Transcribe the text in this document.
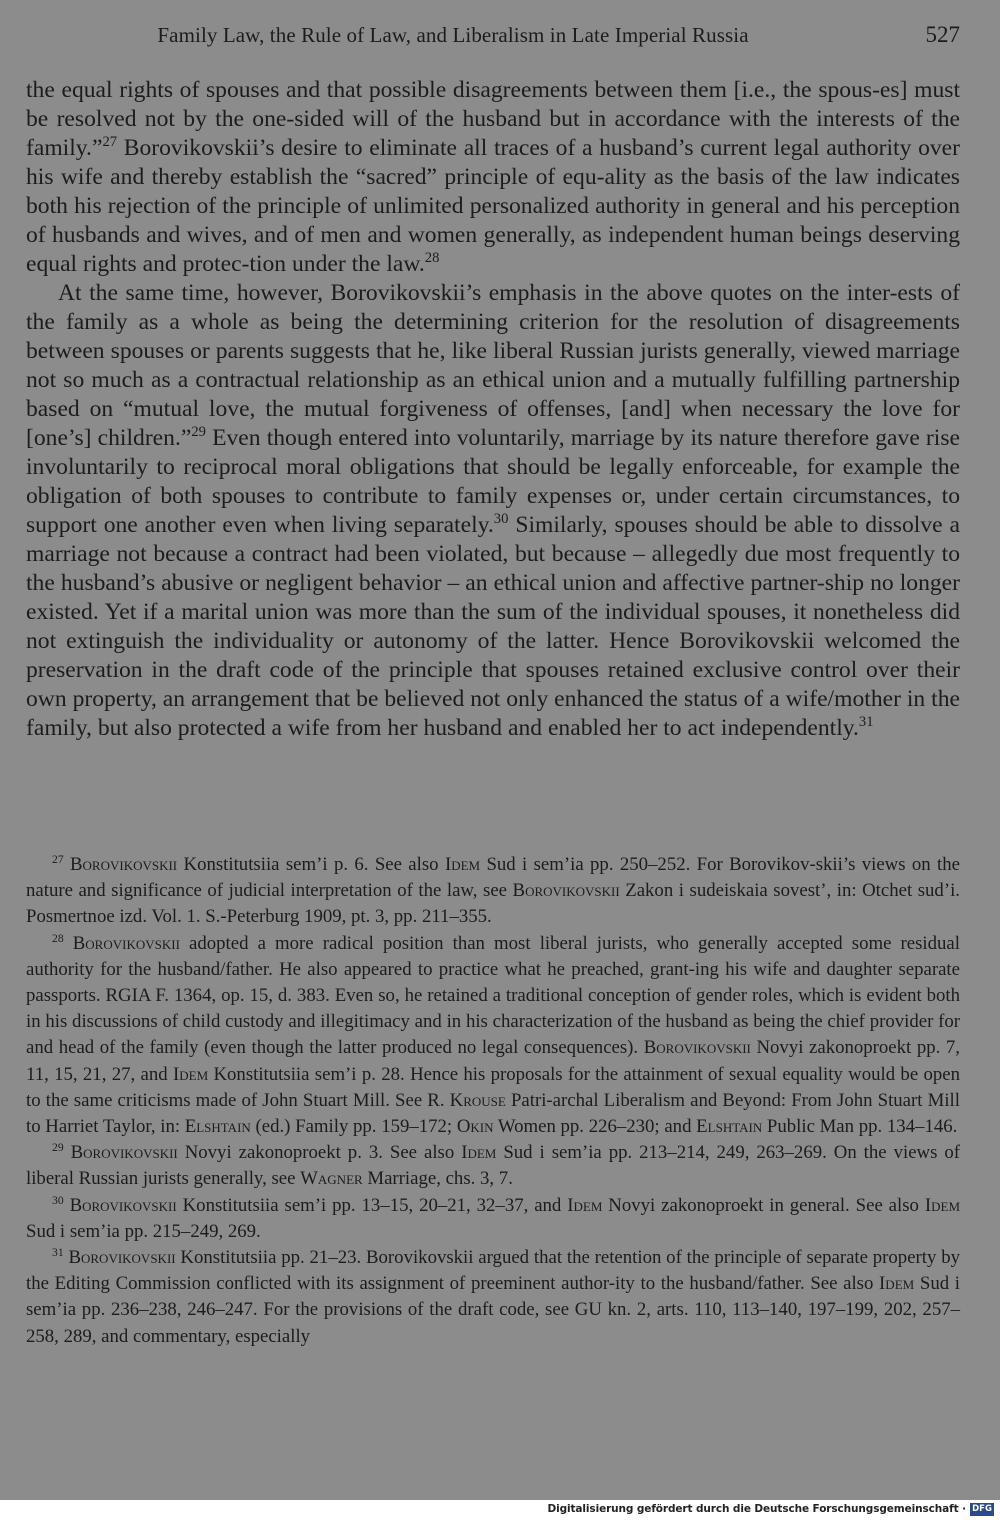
Family Law, the Rule of Law, and Liberalism in Late Imperial Russia	527

the equal rights of spouses and that possible disagreements between them [i.e., the spous-es] must be resolved not by the one-sided will of the husband but in accordance with the interests of the family.”$^{27}$ Borovikovskii’s desire to eliminate all traces of a husband’s current legal authority over his wife and thereby establish the “sacred” principle of equ-ality as the basis of the law indicates both his rejection of the principle of unlimited personalized authority in general and his perception of husbands and wives, and of men and women generally, as independent human beings deserving equal rights and protec-tion under the law.$^{28}$

At the same time, however, Borovikovskii’s emphasis in the above quotes on the inter-ests of the family as a whole as being the determining criterion for the resolution of disagreements between spouses or parents suggests that he, like liberal Russian jurists generally, viewed marriage not so much as a contractual relationship as an ethical union and a mutually fulfilling partnership based on “mutual love, the mutual forgiveness of offenses, [and] when necessary the love for [one’s] children.”$^{29}$ Even though entered into voluntarily, marriage by its nature therefore gave rise involuntarily to reciprocal moral obligations that should be legally enforceable, for example the obligation of both spouses to contribute to family expenses or, under certain circumstances, to support one another even when living separately.$^{30}$ Similarly, spouses should be able to dissolve a marriage not because a contract had been violated, but because – allegedly due most frequently to the husband’s abusive or negligent behavior – an ethical union and affective partner-ship no longer existed. Yet if a marital union was more than the sum of the individual spouses, it nonetheless did not extinguish the individuality or autonomy of the latter. Hence Borovikovskii welcomed the preservation in the draft code of the principle that spouses retained exclusive control over their own property, an arrangement that be believed not only enhanced the status of a wife/mother in the family, but also protected a wife from her husband and enabled her to act independently.$^{31}$

$^{27}$ Borovikovskii Konstitutsiia sem’i p. 6. See also Idem Sud i sem’ia pp. 250–252. For Borovikov-skii’s views on the nature and significance of judicial interpretation of the law, see Borovikovskii Zakon i sudeiskaia sovest’, in: Otchet sud’i. Posmertnoe izd. Vol. 1. S.-Peterburg 1909, pt. 3, pp. 211–355.

$^{28}$ Borovikovskii adopted a more radical position than most liberal jurists, who generally accepted some residual authority for the husband/father. He also appeared to practice what he preached, grant-ing his wife and daughter separate passports. RGIA F. 1364, op. 15, d. 383. Even so, he retained a traditional conception of gender roles, which is evident both in his discussions of child custody and illegitimacy and in his characterization of the husband as being the chief provider for and head of the family (even though the latter produced no legal consequences). Borovikovskii Novyi zakonoproekt pp. 7, 11, 15, 21, 27, and Idem Konstitutsiia sem’i p. 28. Hence his proposals for the attainment of sexual equality would be open to the same criticisms made of John Stuart Mill. See R. Krouse Patri-archal Liberalism and Beyond: From John Stuart Mill to Harriet Taylor, in: Elshtain (ed.) Family pp. 159–172; Okin Women pp. 226–230; and Elshtain Public Man pp. 134–146.

$^{29}$ Borovikovskii Novyi zakonoproekt p. 3. See also Idem Sud i sem’ia pp. 213–214, 249, 263–269. On the views of liberal Russian jurists generally, see Wagner Marriage, chs. 3, 7.

$^{30}$ Borovikovskii Konstitutsiia sem’i pp. 13–15, 20–21, 32–37, and Idem Novyi zakonoproekt in general. See also Idem Sud i sem’ia pp. 215–249, 269.

$^{31}$ Borovikovskii Konstitutsiia pp. 21–23. Borovikovskii argued that the retention of the principle of separate property by the Editing Commission conflicted with its assignment of preeminent author-ity to the husband/father. See also Idem Sud i sem’ia pp. 236–238, 246–247. For the provisions of the draft code, see GU kn. 2, arts. 110, 113–140, 197–199, 202, 257–258, 289, and commentary, especially

Digitalisierung gefördert durch die Deutsche Forschungsgemeinschaft · DFG
